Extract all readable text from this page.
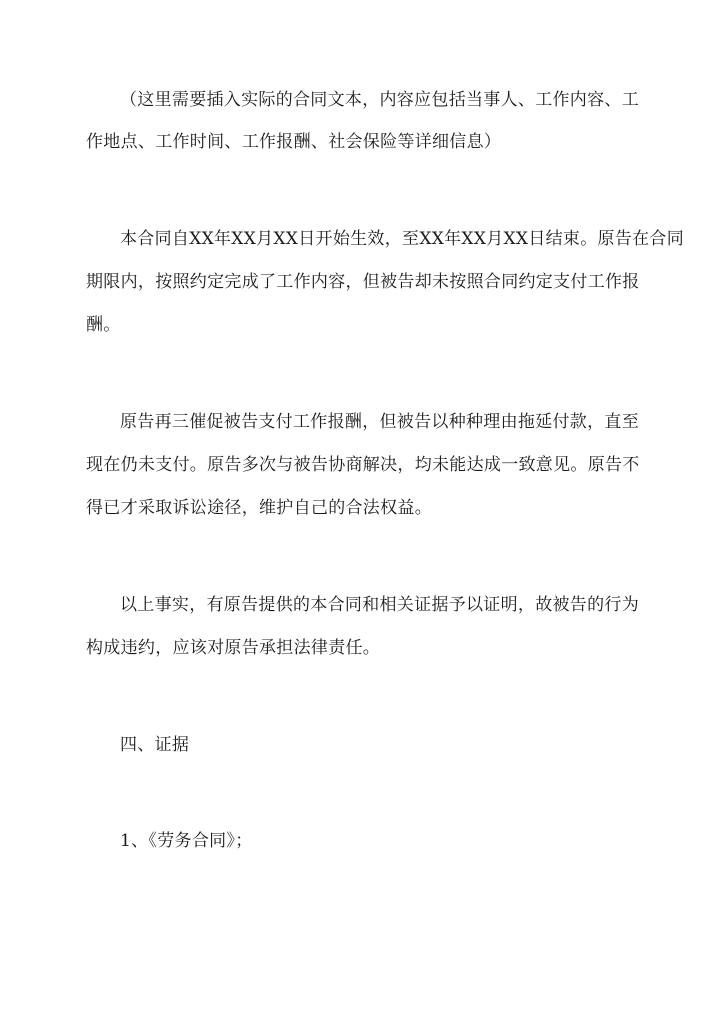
（这里需要插入实际的合同文本，内容应包括当事人、工作内容、工
作地点、工作时间、工作报酬、社会保险等详细信息）
本合同自XX年XX月XX日开始生效，至XX年XX月XX日结束。原告在合同
期限内，按照约定完成了工作内容，但被告却未按照合同约定支付工作报
酬。
原告再三催促被告支付工作报酬，但被告以种种理由拖延付款，直至
现在仍未支付。原告多次与被告协商解决，均未能达成一致意见。原告不
得已才采取诉讼途径，维护自己的合法权益。
以上事实，有原告提供的本合同和相关证据予以证明，故被告的行为
构成违约，应该对原告承担法律责任。
四、证据
1、《劳务合同》；
